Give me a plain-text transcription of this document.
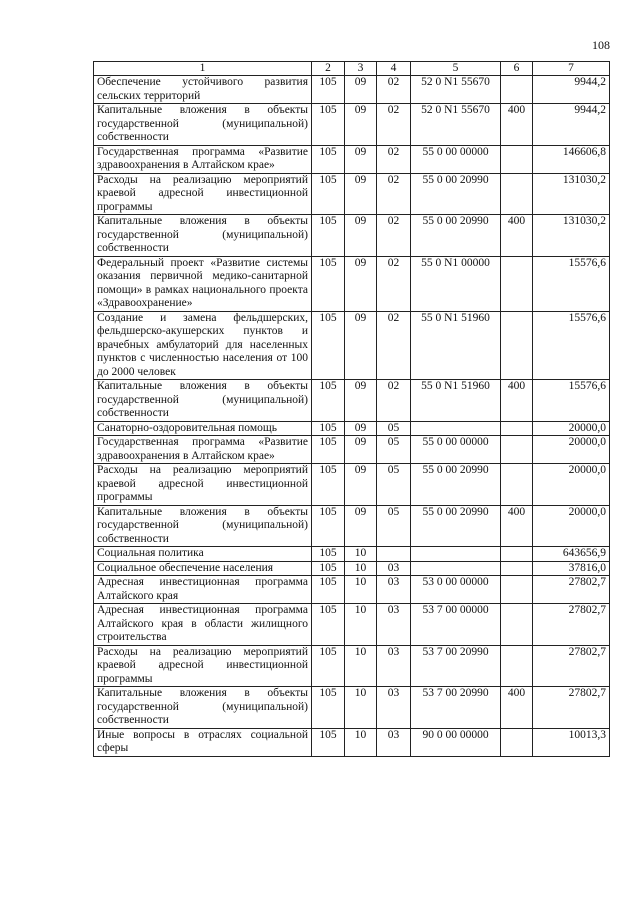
108
1	2	3	4	5	6	7
Обеспечение устойчивого развития сельских территорий	105	09	02	52 0 N1 55670		9944,2
Капитальные вложения в объекты государственной (муниципальной) собственности	105	09	02	52 0 N1 55670	400	9944,2
Государственная программа «Развитие здравоохранения в Алтайском крае»	105	09	02	55 0 00 00000		146606,8
Расходы на реализацию мероприятий краевой адресной инвестиционной программы	105	09	02	55 0 00 20990		131030,2
Капитальные вложения в объекты государственной (муниципальной) собственности	105	09	02	55 0 00 20990	400	131030,2
Федеральный проект «Развитие системы оказания первичной медико-санитарной помощи» в рамках национального проекта «Здравоохранение»	105	09	02	55 0 N1 00000		15576,6
Создание и замена фельдшерских, фельдшерско-акушерских пунктов и врачебных амбулаторий для населенных пунктов с численностью населения от 100 до 2000 человек	105	09	02	55 0 N1 51960		15576,6
Капитальные вложения в объекты государственной (муниципальной) собственности	105	09	02	55 0 N1 51960	400	15576,6
Санаторно-оздоровительная помощь	105	09	05			20000,0
Государственная программа «Развитие здравоохранения в Алтайском крае»	105	09	05	55 0 00 00000		20000,0
Расходы на реализацию мероприятий краевой адресной инвестиционной программы	105	09	05	55 0 00 20990		20000,0
Капитальные вложения в объекты государственной (муниципальной) собственности	105	09	05	55 0 00 20990	400	20000,0
Социальная политика	105	10				643656,9
Социальное обеспечение населения	105	10	03			37816,0
Адресная инвестиционная программа Алтайского края	105	10	03	53 0 00 00000		27802,7
Адресная инвестиционная программа Алтайского края в области жилищного строительства	105	10	03	53 7 00 00000		27802,7
Расходы на реализацию мероприятий краевой адресной инвестиционной программы	105	10	03	53 7 00 20990		27802,7
Капитальные вложения в объекты государственной (муниципальной) собственности	105	10	03	53 7 00 20990	400	27802,7
Иные вопросы в отраслях социальной сферы	105	10	03	90 0 00 00000		10013,3
